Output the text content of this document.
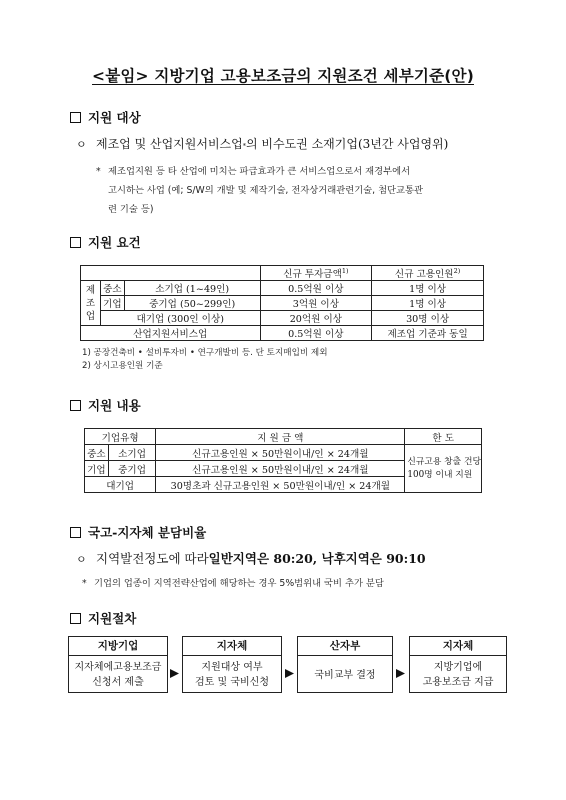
<붙임> 지방기업 고용보조금의 지원조건 세부기준(안)
지원 대상
ㅇ 제조업 및 산업지원서비스업$_*$ 의 비수도권 소재기업(3년간 사업영위)
* 제조업지원 등 타 산업에 미치는 파급효과가 큰 서비스업으로서 재경부에서
고시하는 사업 (예; S/W의 개발 및 제작기술, 전자상거래관련기술, 첨단교통관
련 기술 등)
지원 요건
			신규 투자금액$^{1)}$	신규 고용인원$^{2)}$
제
조
업	중소	소기업 (1~49인)	0.5억원 이상	1명 이상
	기업	중기업 (50~299인)	3억원 이상	1명 이상
	대기업 (300인 이상)		20억원 이상	30명 이상
산업지원서비스업			0.5억원 이상	제조업 기준과 동일
1) 공장건축비 • 설비투자비 • 연구개발비 등. 단 토지매입비 제외
2) 상시고용인원 기준
지원 내용
기업유형		지 원 금 액	한 도
중소	소기업	신규고용인원 × 50만원이내/인 × 24개월	신규고용 창출 건당
100명 이내 지원
기업	중기업	신규고용인원 × 50만원이내/인 × 24개월	
대기업		30명초과 신규고용인원 × 50만원이내/인 × 24개월	
국고-지자체 분담비율
ㅇ 지역발전정도에 따라 일반지역은 80:20, 낙후지역은 90:10
* 기업의 업종이 지역전략산업에 해당하는 경우 5%범위내 국비 추가 분담
지원절차
지방기업
지자체에고용보조금
신청서 제출
지자체
지원대상 여부
검토 및 국비신청
산자부
국비교부 결정
지자체
지방기업에
고용보조금 지급
